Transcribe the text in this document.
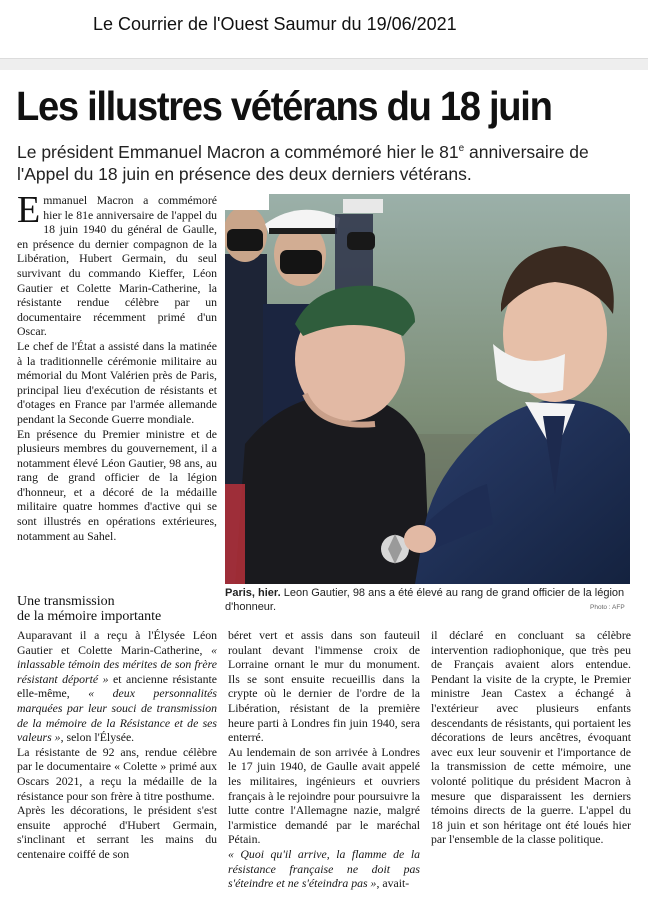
Le Courrier de l'Ouest Saumur du 19/06/2021
Les illustres vétérans du 18 juin
Le président Emmanuel Macron a commémoré hier le 81e anniversaire de l'Appel du 18 juin en présence des deux derniers vétérans.

Emmanuel Macron a commémoré hier le 81e anniversaire de l'appel du 18 juin 1940 du général de Gaulle, en présence du dernier compagnon de la Libération, Hubert Germain, du seul survivant du commando Kieffer, Léon Gautier et Colette Marin-Catherine, la résistante rendue célèbre par un documentaire récemment primé d'un Oscar.

Le chef de l'État a assisté dans la matinée à la traditionnelle cérémonie militaire au mémorial du Mont Valérien près de Paris, principal lieu d'exécution de résistants et d'otages en France par l'armée allemande pendant la Seconde Guerre mondiale.

En présence du Premier ministre et de plusieurs membres du gouvernement, il a notamment élevé Léon Gautier, 98 ans, au rang de grand officier de la légion d'honneur, et a décoré de la médaille militaire quatre hommes d'active qui se sont illustrés en opérations extérieures, notamment au Sahel.

Une transmission
de la mémoire importante
Paris, hier. Leon Gautier, 98 ans a été élevé au rang de grand officier de la légion d'honneur.	Photo : AFP

Auparavant il a reçu à l'Élysée Léon Gautier et Colette Marin-Catherine, « inlassable témoin des mérites de son frère résistant déporté » et ancienne résistante elle-même, « deux personnalités marquées par leur souci de transmission de la mémoire de la Résistance et de ses valeurs », selon l'Élysée.

La résistante de 92 ans, rendue célèbre par le documentaire « Colette » primé aux Oscars 2021, a reçu la médaille de la résistance pour son frère à titre posthume.

Après les décorations, le président s'est ensuite approché d'Hubert Germain, s'inclinant et serrant les mains du centenaire coiffé de son

béret vert et assis dans son fauteuil roulant devant l'immense croix de Lorraine ornant le mur du monument. Ils se sont ensuite recueillis dans la crypte où le dernier de l'ordre de la Libération, résistant de la première heure parti à Londres fin juin 1940, sera enterré.

Au lendemain de son arrivée à Londres le 17 juin 1940, de Gaulle avait appelé les militaires, ingénieurs et ouvriers français à le rejoindre pour poursuivre la lutte contre l'Allemagne nazie, malgré l'armistice demandé par le maréchal Pétain.

« Quoi qu'il arrive, la flamme de la résistance française ne doit pas s'éteindre et ne s'éteindra pas », avait-

il déclaré en concluant sa célèbre intervention radiophonique, que très peu de Français avaient alors entendue. Pendant la visite de la crypte, le Premier ministre Jean Castex a échangé à l'extérieur avec plusieurs enfants descendants de résistants, qui portaient les décorations de leurs ancêtres, évoquant avec eux leur souvenir et l'importance de la transmission de cette mémoire, une volonté politique du président Macron à mesure que disparaissent les derniers témoins directs de la guerre. L'appel du 18 juin et son héritage ont été loués hier par l'ensemble de la classe politique.
